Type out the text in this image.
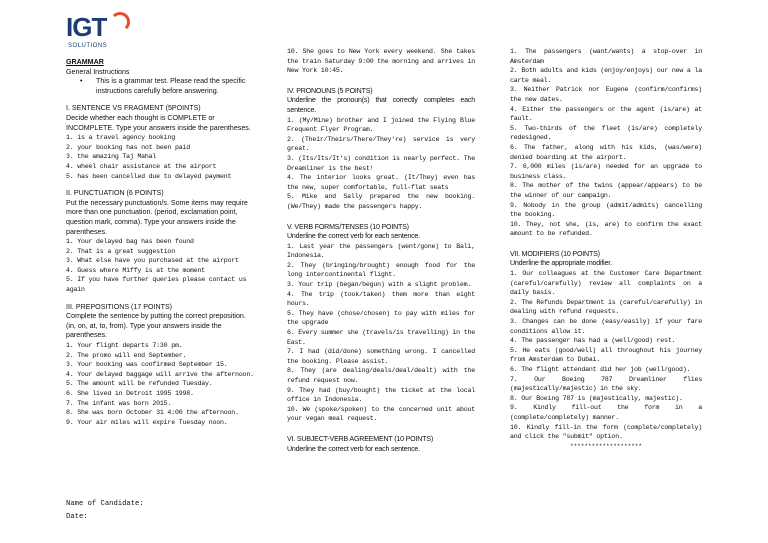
IGT
SOLUTIONS
GRAMMAR
General Instructions
•	This is a grammar test. Please read the specific instructions carefully before answering.
I. SENTENCE VS FRAGMENT (5POINTS)
Decide whether each thought is COMPLETE or INCOMPLETE. Type your answers inside the parentheses.
1. is a travel agency booking
2. your booking has not been paid
3. the amazing Taj Mahal
4. wheel chair assistance at the airport
5. has been cancelled due to delayed payment
II. PUNCTUATION (6 POINTS)
Put the necessary punctuation/s. Some items may require more than one punctuation. (period, exclamation point, question mark, comma). Type your answers inside the parentheses.
1. Your delayed bag has been found
2. That is a great suggestion
3. What else have you purchased at the airport
4. Guess where Miffy is at the moment
5. If you have further queries please contact us again
III. PREPOSITIONS (17 POINTS)
Complete the sentence by putting the correct preposition. (in, on, at, to, from). Type your answers inside the parentheses.
1. Your flight departs 7:30 pm.
2. The promo will end September.
3. Your booking was confirmed September 15.
4. Your delayed baggage will arrive the afternoon.
5. The amount will be refunded Tuesday.
6. She lived in Detroit 1995 1998.
7. The infant was born 2015.
8. She was born October 31 4:00 the afternoon.
9. Your air miles will expire Tuesday noon.
10. She goes to New York every weekend. She takes the train Saturday 9:00 the morning and arrives in New York 10:45.
IV. PRONOUNS (5 POINTS)
Underline the pronoun(s) that correctly completes each sentence.
1. (My/Mine) brother and I joined the Flying Blue Frequent Flyer Program.
2. (Their/Theirs/There/They're) service is very great.
3. (Its/Its/It's) condition is nearly perfect. The Dreamliner is the best!
4. The interior looks great. (It/They) even has the new, super comfortable, full-flat seats
5. Mike and Sally prepared the new booking. (We/They) made the passengers happy.
V. VERB FORMS/TENSES (10 POINTS)
Underline the correct verb for each sentence.
1. Last year the passengers (went/gone) to Bali, Indonesia.
2. They (bringing/brought) enough food for the long intercontinental flight.
3. Your trip (began/begun) with a slight problem.
4. The trip (took/taken) them more than eight hours.
5. They have (chose/chosen) to pay with miles for the upgrade
6. Every summer she (travels/is travelling) in the East.
7. I had (did/done) something wrong. I cancelled the booking. Please assist.
8. They (are dealing/deals/deal/dealt) with the refund request now.
9. They had (buy/bought) the ticket at the local office in Indonesia.
10. We (spoke/spoken) to the concerned unit about your vegan meal request.
VI. SUBJECT-VERB AGREEMENT (10 POINTS)
Underline the correct verb for each sentence.
1. The passengers (want/wants) a stop-over in Amsterdam
2. Both adults and kids (enjoy/enjoys) our new a la carte meal.
3. Neither Patrick nor Eugene (confirm/confirms) the new dates.
4. Either the passengers or the agent (is/are) at fault.
5. Two-thirds of the fleet (is/are) completely redesigned.
6. The father, along with his kids, (was/were) denied boarding at the airport.
7. 6,000 miles (is/are) needed for an upgrade to business class.
8. The mother of the twins (appear/appears) to be the winner of our campaign.
9. Nobody in the group (admit/admits) cancelling the booking.
10. They, not she, (is, are) to confirm the exact amount to be refunded.
VII. MODIFIERS (10 POINTS)
Underline the appropriate modifier.
1. Our colleagues at the Customer Care Department (careful/carefully) review all complaints on a daily basis.
2. The Refunds Department is (careful/carefully) in dealing with refund requests.
3. Changes can be done (easy/easily) if your fare conditions allow it.
4. The passenger has had a (well/good) rest.
5. He eats (good/well) all throughout his journey from Amsterdam to Dubai.
6. The flight attendant did her job (well/good).
7. Our Boeing 787 Dreamliner flies (majestically/majestic) in the sky.
8. Our Boeing 787 is (majestically, majestic).
9. Kindly fill-out the form in a (complete/completely) manner.
10. Kindly fill-in the form (complete/completely) and click the "submit" option.
********************
Name of Candidate:
Date:
